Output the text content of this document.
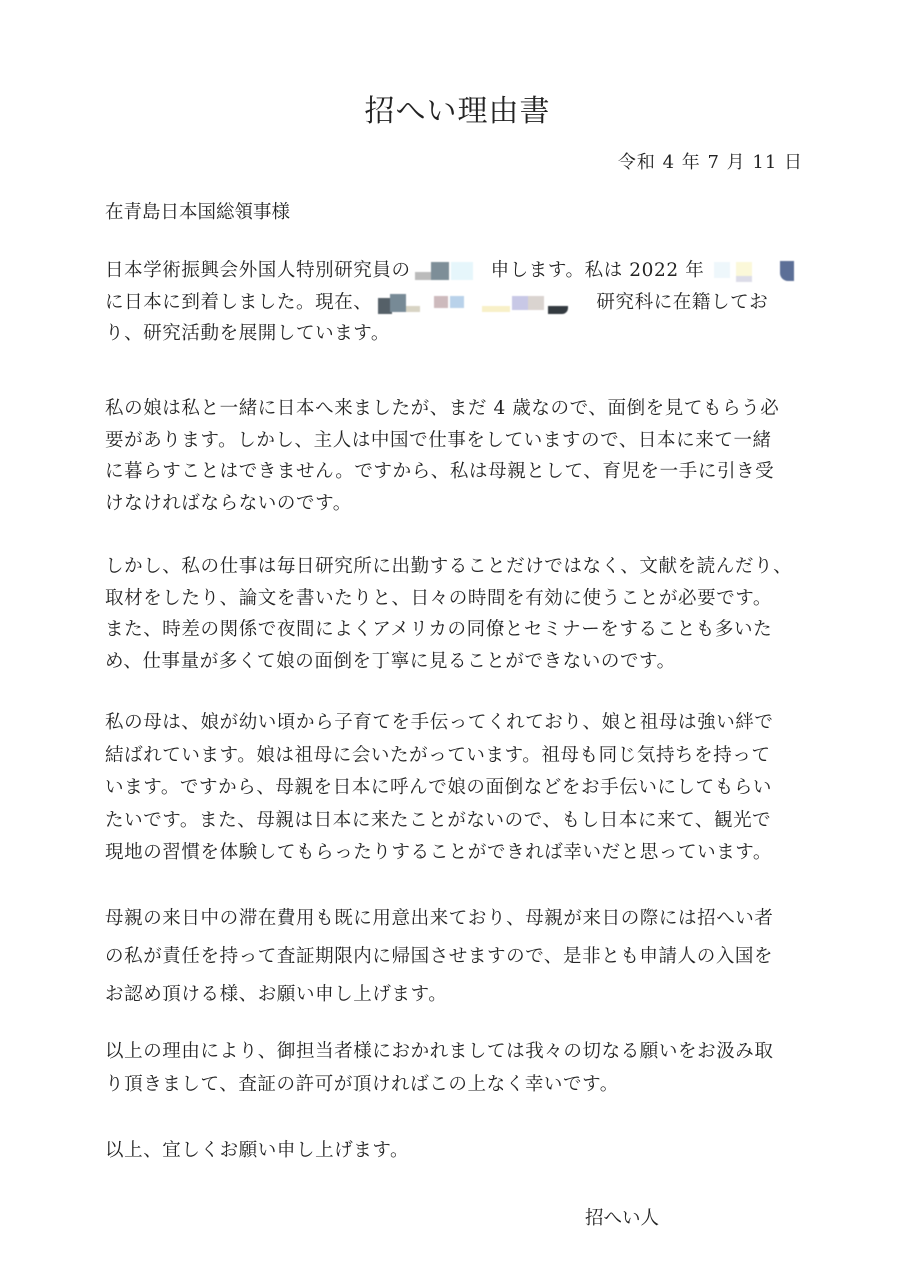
招へい理由書
令和 4 年 7 月 11 日
在青島日本国総領事様
日本学術振興会外国人特別研究員の	申します。私は 2022 年
に日本に到着しました。現在、	研究科に在籍してお
り、研究活動を展開しています。
私の娘は私と一緒に日本へ来ましたが、まだ 4 歳なので、面倒を見てもらう必
要があります。しかし、主人は中国で仕事をしていますので、日本に来て一緒
に暮らすことはできません。ですから、私は母親として、育児を一手に引き受
けなければならないのです。
しかし、私の仕事は毎日研究所に出勤することだけではなく、文献を読んだり、
取材をしたり、論文を書いたりと、日々の時間を有効に使うことが必要です。
また、時差の関係で夜間によくアメリカの同僚とセミナーをすることも多いた
め、仕事量が多くて娘の面倒を丁寧に見ることができないのです。
私の母は、娘が幼い頃から子育てを手伝ってくれており、娘と祖母は強い絆で
結ばれています。娘は祖母に会いたがっています。祖母も同じ気持ちを持って
います。ですから、母親を日本に呼んで娘の面倒などをお手伝いにしてもらい
たいです。また、母親は日本に来たことがないので、もし日本に来て、観光で
現地の習慣を体験してもらったりすることができれば幸いだと思っています。
母親の来日中の滞在費用も既に用意出来ており、母親が来日の際には招へい者
の私が責任を持って査証期限内に帰国させますので、是非とも申請人の入国を
お認め頂ける様、お願い申し上げます。
以上の理由により、御担当者様におかれましては我々の切なる願いをお汲み取
り頂きまして、査証の許可が頂ければこの上なく幸いです。
以上、宜しくお願い申し上げます。
招へい人
